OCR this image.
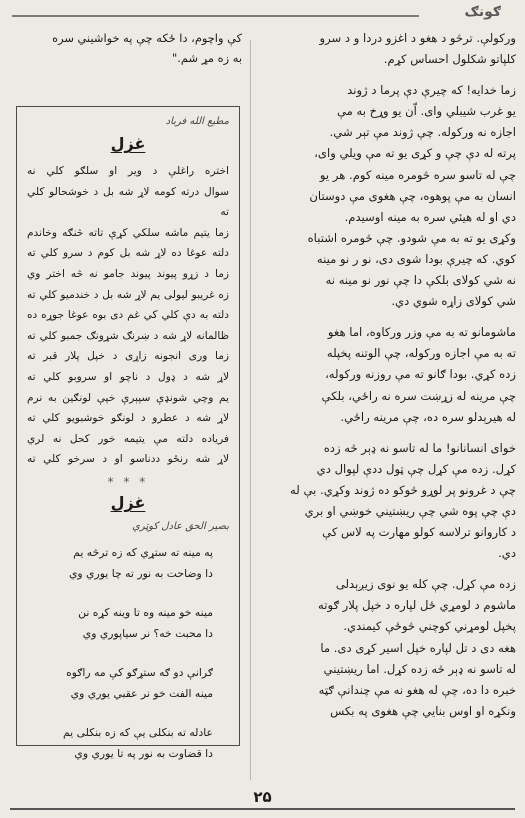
ګونګ

ورکولې. ترڅو د هغو د اغزو دردا و د سرو
کلپاتو شکلول احساس کړم.

زما خدایه! که چیرې دې پرما د ژوند
یو غرب شیبلي وای. اّن یو وړخ به مې
اجازه نه ورکوله. چې ژوند مې تېر شي.
پرته له دې چې و کړی یو ته مې ویلي وای،
چې له تاسو سره څومره مینه کوم. هر یو
انسان به مې پوهوه، چې هغوی مې دوستان
دي او له هیئي سره به مینه اوسیدم.
وکړی یو ته به مې شودو. چې څومره اشتباه
کوي. که چیرې بودا شوی دی، نو ر نو مینه
نه شي کولای بلکې دا چې نور نو مینه نه
شي کولای زاړه شوي دي.

ماشومانو ته به مې وزر ورکاوه، اما هغو
ته به مې اجازه ورکوله، چې الوتنه پخپله
زده کړي. بودا ګانو ته مې روزنه ورکوله،
چې مرینه له زړښت سره نه راځي، بلکې
له هیرېدلو سره ده، چې مرینه راځي.

خوای انسانانو! ما له تاسو نه ډېر څه زده
کړل. زده مې کړل چې ټول ددې لپوال دي
چې د غرونو پر لوړو څوکو ده ژوند وکړي. بې له
دې چې پوه شي چې ریښتیني خوښي او بري
د کاروانو ترلاسه کولو مهارت په لاس کې
دي.

زده مې کړل. چې کله یو نوی زیږېدلی
ماشوم د لومړي ځل لپاره د خپل پلار ګوته
پخپل لومړني کوچني څوځې کیمندي.
هغه دی د تل لپاره خپل اسیر کړی دی. ما
له تاسو نه ډېر څه زده کړل. اما ریښتیني
خبره دا ده، چې له هغو نه مې چندانې ګټه
ونکړه او اوس بنایي چې هغوی په بکس

کې واچوم، دا ځکه چې په خواشیني سره
به زه مړ شم."
مطیع الله فرباد
غزل
اختره راغلې د ویر او سلګو کلي نه
سوال درته کومه لاړ شه بل د خوشحالو کلي ته
زما یتیم ماشه سلکي کړې تاته څنګه وخاندم
دلته عوغا ده لاړ شه بل کوم د سرو کلي ته
زما د زړو پیوند پیوند جامو نه څه اختر وي
زه غریبو لیولی یم لاړ شه بل د خندمیو کلي ته
دلته به دې کلي کي غم دی بوه عوغا جوړه ده
ظالمانه لاړ شه د ښرنګ شړونګ جمبو کلي ته
زما وری انجونه زاړی د خپل پلار قبر ته
لاړ شه د ډول د ناچو او سروبو کلي ته
یم وچي شونډې سپېرې خپې لونګین به نرم
لاړ شه د عطرو د لونګو خوشبویو کلي ته
فریاده دلته مې یتیمه خور کحل نه لري
لاړ شه رنځو ددناسو او د سرخو کلي ته
* * *
غزل
بصیر الحق عادل کوټري
په مینه ته ستړي که زه ترڅه یم
دا وضاحت به نور ته چا یوري وي
مینه خو مینه وه تا وینه کړه نن
دا محبت خه؟ نر سیاپوري وي
ګرانې دو ګه ستړګو کې مه راګوه
مینه الفت خو نر عقبي یوري وي
عادله ته بنکلی یې که زه بنکلی یم
دا قضاوت به نور په تا یوري وي
۲۵
